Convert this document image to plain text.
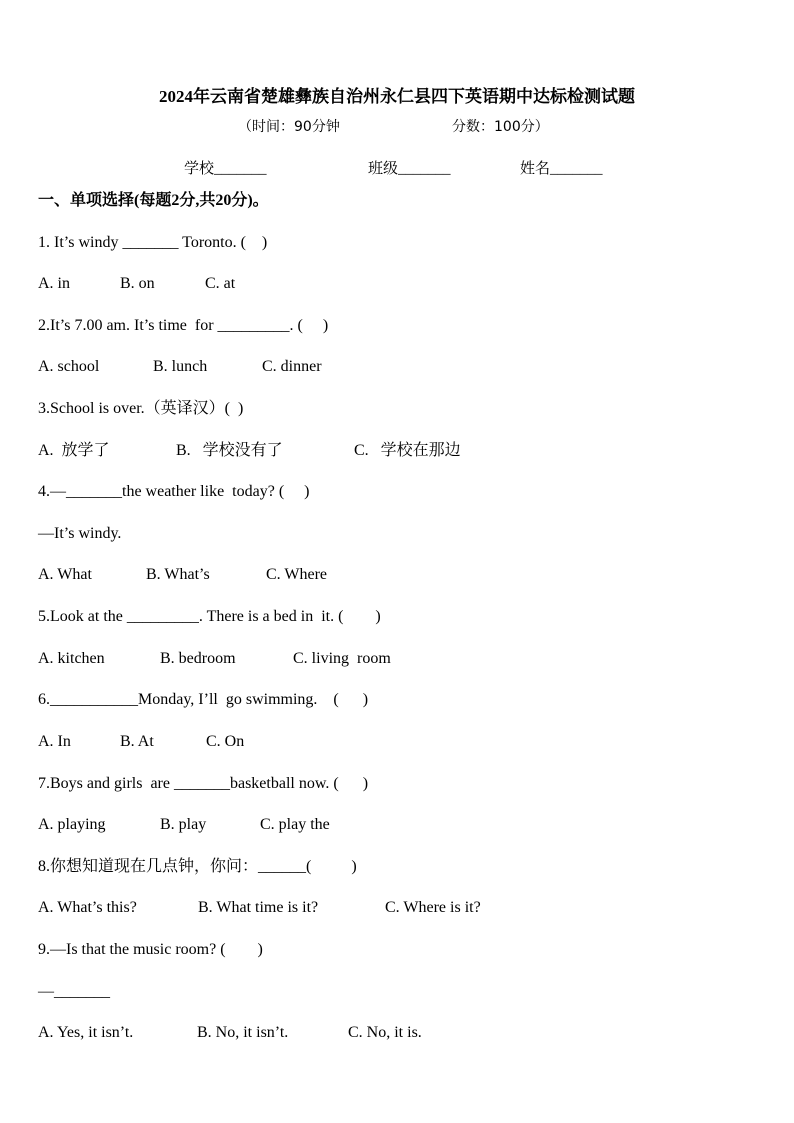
2024年云南省楚雄彝族自治州永仁县四下英语期中达标检测试题
（时间：90分钟	分数：100分）
学校_______	班级_______	姓名_______
一、单项选择(每题2分,共20分)。
1. It’s windy _______ Toronto. (    )
A. in	B. on	C. at
2.It’s 7.00 am. It’s time  for _________. (     )
A. school	B. lunch	C. dinner
3.School is over.（英译汉）(  )
A.  放学了	B.   学校没有了	C.   学校在那边
4.—_______the weather like  today? (     )
—It’s windy.
A. What	B. What’s	C. Where
5.Look at the _________. There is a bed in  it. (        )
A. kitchen	B. bedroom	C. living  room
6.___________Monday, I’ll  go swimming.    (      )
A. In	B. At	C. On
7.Boys and girls  are _______basketball now. (      )
A. playing	B. play	C. play the
8.你想知道现在几点钟，你问：______(          )
A. What’s this?	B. What time is it?	C. Where is it?
9.—Is that the music room? (        )
—_______
A. Yes, it isn’t.	B. No, it isn’t.	C. No, it is.
